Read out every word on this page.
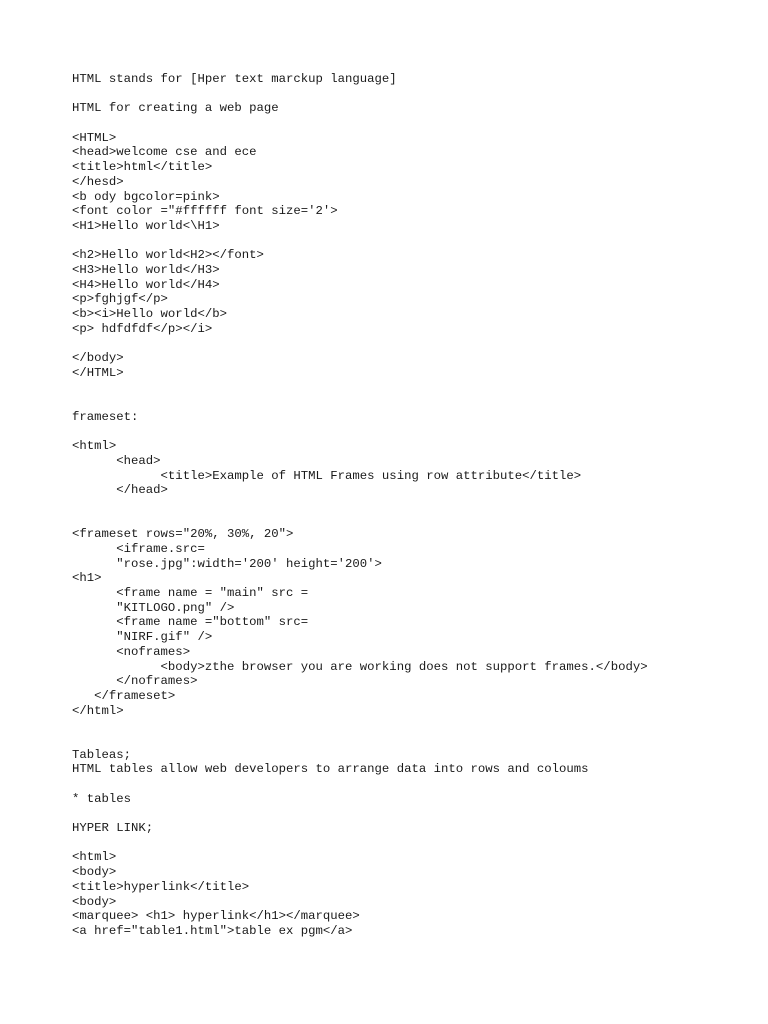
HTML stands for [Hper text marckup language]
HTML for creating a web page
<HTML>
<head>welcome cse and ece
<title>html</title>
</hesd>
<b ody bgcolor=pink>
<font color ="#ffffff font size='2'>
<H1>Hello world<\H1>
<h2>Hello world<H2></font>
<H3>Hello world</H3>
<H4>Hello world</H4>
<p>fghjgf</p>
<b><i>Hello world</b>
<p> hdfdfdf</p></i>
</body>
</HTML>
frameset:
<html>
<head>
<title>Example of HTML Frames using row attribute</title>
</head>
<frameset rows="20%, 30%, 20">
<iframe.src=
"rose.jpg":width='200' height='200'>
<h1>
<frame name = "main" src =
"KITLOGO.png" />
<frame name ="bottom" src=
"NIRF.gif" />
<noframes>
<body>zthe browser you are working does not support frames.</body>
</noframes>
</frameset>
</html>
Tableas;
HTML tables allow web developers to arrange data into rows and coloums
* tables
HYPER LINK;
<html>
<body>
<title>hyperlink</title>
<body>
<marquee> <h1> hyperlink</h1></marquee>
<a href="table1.html">table ex pgm</a>
